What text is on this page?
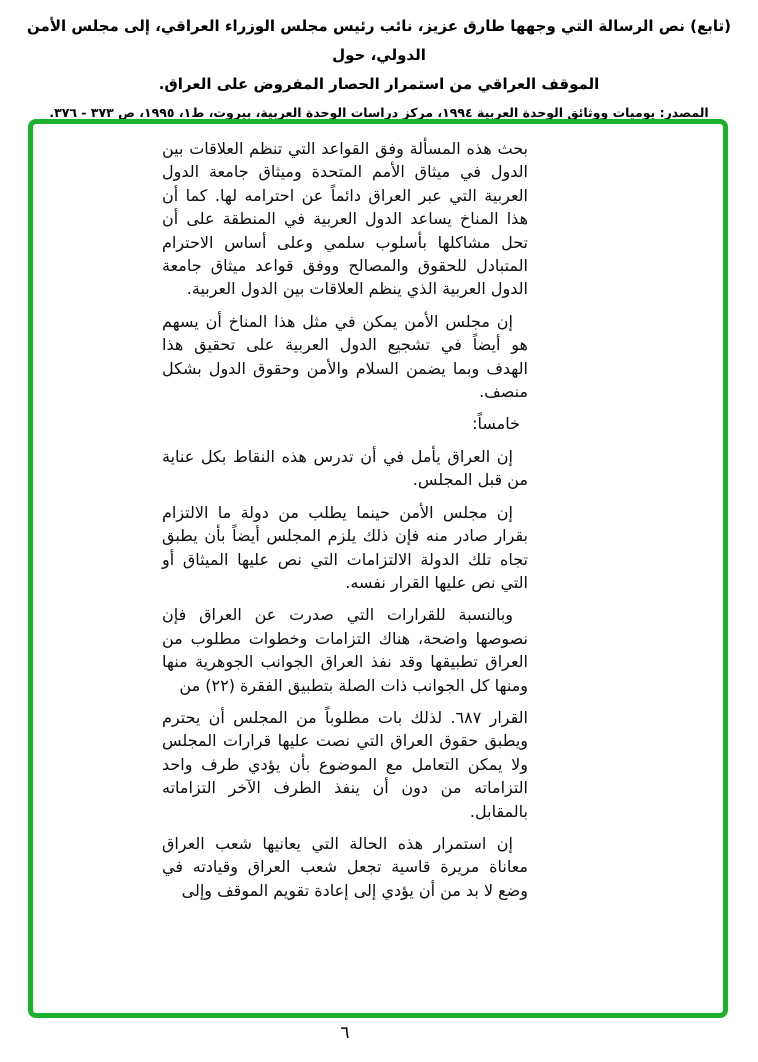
(تابع) نص الرسالة التي وجهها طارق عزيز، نائب رئيس مجلس الوزراء العراقي، إلى مجلس الأمن الدولي، حول
الموقف العراقي من استمرار الحصار المفروض على العراق.
المصدر: يوميات ووثائق الوحدة العربية ١٩٩٤، مركز دراسات الوحدة العربية، بيروت، ط١، ١٩٩٥، ص ٣٧٣ - ٣٧٦.
بحث هذه المسألة وفق القواعد التي تنظم العلاقات بين الدول في ميثاق الأمم المتحدة وميثاق جامعة الدول العربية التي عبر العراق دائماً عن احترامه لها. كما أن هذا المناخ يساعد الدول العربية في المنطقة على أن تحل مشاكلها بأسلوب سلمي وعلى أساس الاحترام المتبادل للحقوق والمصالح ووفق قواعد ميثاق جامعة الدول العربية الذي ينظم العلاقات بين الدول العربية.
إن مجلس الأمن يمكن في مثل هذا المناخ أن يسهم هو أيضاً في تشجيع الدول العربية على تحقيق هذا الهدف وبما يضمن السلام والأمن وحقوق الدول بشكل منصف.
خامساً:
إن العراق يأمل في أن تدرس هذه النقاط بكل عناية من قبل المجلس.
إن مجلس الأمن حينما يطلب من دولة ما الالتزام بقرار صادر منه فإن ذلك يلزم المجلس أيضاً بأن يطبق تجاه تلك الدولة الالتزامات التي نص عليها الميثاق أو التي نص عليها القرار نفسه.
وبالنسبة للقرارات التي صدرت عن العراق فإن نصوصها واضحة، هناك التزامات وخطوات مطلوب من العراق تطبيقها وقد نفذ العراق الجوانب الجوهرية منها ومنها كل الجوانب ذات الصلة بتطبيق الفقرة (٢٢) من
القرار ٦٨٧. لذلك بات مطلوباً من المجلس أن يحترم ويطبق حقوق العراق التي نصت عليها قرارات المجلس ولا يمكن التعامل مع الموضوع بأن يؤدي طرف واحد التزاماته من دون أن ينفذ الطرف الآخر التزاماته بالمقابل.
إن استمرار هذه الحالة التي يعانيها شعب العراق معاناة مريرة قاسية تجعل شعب العراق وقيادته في وضع لا بد من أن يؤدي إلى إعادة تقويم الموقف وإلى
٦
